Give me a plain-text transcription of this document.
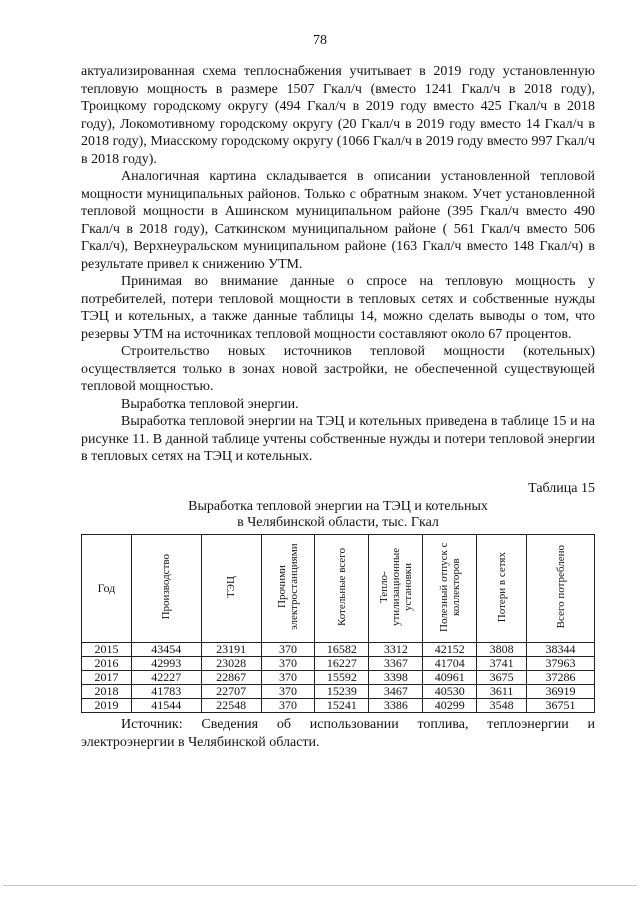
78

актуализированная схема теплоснабжения учитывает в 2019 году установленную тепловую мощность в размере 1507 Гкал/ч (вместо 1241 Гкал/ч в 2018 году), Троицкому городскому округу (494 Гкал/ч в 2019 году вместо 425 Гкал/ч в 2018 году), Локомотивному городскому округу (20 Гкал/ч в 2019 году вместо 14 Гкал/ч в 2018 году), Миасскому городскому округу (1066 Гкал/ч в 2019 году вместо 997 Гкал/ч в 2018 году).

Аналогичная картина складывается в описании установленной тепловой мощности муниципальных районов. Только с обратным знаком. Учет установленной тепловой мощности в Ашинском муниципальном районе (395 Гкал/ч вместо 490 Гкал/ч в 2018 году), Саткинском муниципальном районе ( 561 Гкал/ч вместо 506 Гкал/ч), Верхнеуральском муниципальном районе (163 Гкал/ч вместо 148 Гкал/ч) в результате привел к снижению УТМ.

Принимая во внимание данные о спросе на тепловую мощность у потребителей, потери тепловой мощности в тепловых сетях и собственные нужды ТЭЦ и котельных, а также данные таблицы 14, можно сделать выводы о том, что резервы УТМ на источниках тепловой мощности составляют около 67 процентов.

Строительство новых источников тепловой мощности (котельных) осуществляется только в зонах новой застройки, не обеспеченной существующей тепловой мощностью.

Выработка тепловой энергии.

Выработка тепловой энергии на ТЭЦ и котельных приведена в таблице 15 и на рисунке 11. В данной таблице учтены собственные нужды и потери тепловой энергии в тепловых сетях на ТЭЦ и котельных.

Таблица 15
Выработка тепловой энергии на ТЭЦ и котельных
в Челябинской области, тыс. Гкал
Год	Производство	ТЭЦ	Прочими электростанциями	Котельные всего	Тепло-утилизационные установки	Полезный отпуск с коллекторов	Потери в сетях	Всего потреблено
2015	43454	23191	370	16582	3312	42152	3808	38344
2016	42993	23028	370	16227	3367	41704	3741	37963
2017	42227	22867	370	15592	3398	40961	3675	37286
2018	41783	22707	370	15239	3467	40530	3611	36919
2019	41544	22548	370	15241	3386	40299	3548	36751

Источник: Сведения об использовании топлива, теплоэнергии и электроэнергии в Челябинской области.
